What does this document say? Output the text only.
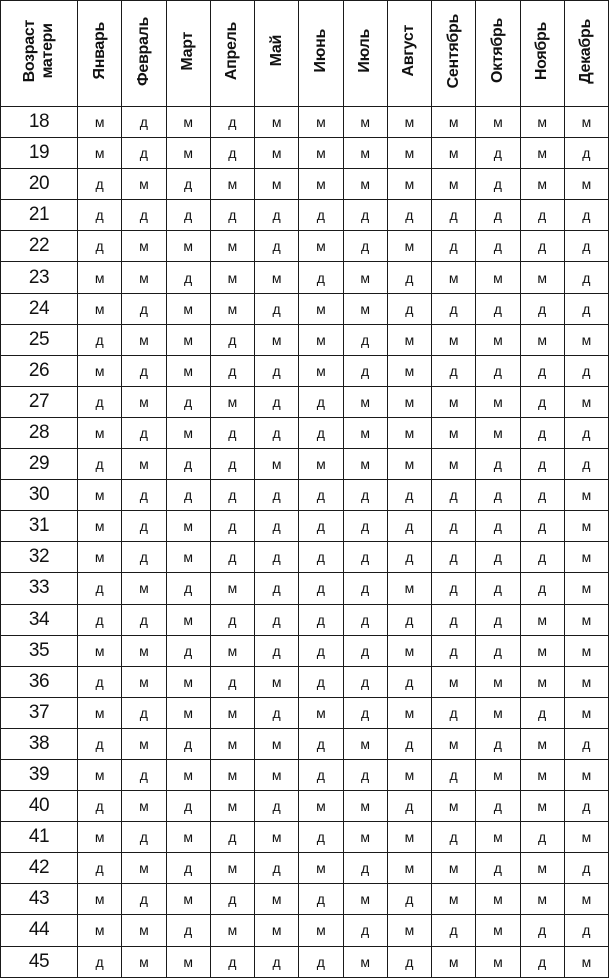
Возраст
матери	Январь	Февраль	Март	Апрель	Май	Июнь	Июль	Август	Сентябрь	Октябрь	Ноябрь	Декабрь
18	м	д	м	д	м	м	м	м	м	м	м	м
19	м	д	м	д	м	м	м	м	м	д	м	д
20	д	м	д	м	м	м	м	м	м	д	м	м
21	д	д	д	д	д	д	д	д	д	д	д	д
22	д	м	м	м	д	м	д	м	д	д	д	д
23	м	м	д	м	м	д	м	д	м	м	м	д
24	м	д	м	м	д	м	м	д	д	д	д	д
25	д	м	м	д	м	м	д	м	м	м	м	м
26	м	д	м	д	д	м	д	м	д	д	д	д
27	д	м	д	м	д	д	м	м	м	м	д	м
28	м	д	м	д	д	д	м	м	м	м	д	д
29	д	м	д	д	м	м	м	м	м	д	д	д
30	м	д	д	д	д	д	д	д	д	д	д	м
31	м	д	м	д	д	д	д	д	д	д	д	м
32	м	д	м	д	д	д	д	д	д	д	д	м
33	д	м	д	м	д	д	д	м	д	д	д	м
34	д	д	м	д	д	д	д	д	д	д	м	м
35	м	м	д	м	д	д	д	м	д	д	м	м
36	д	м	м	д	м	д	д	д	м	м	м	м
37	м	д	м	м	д	м	д	м	д	м	д	м
38	д	м	д	м	м	д	м	д	м	д	м	д
39	м	д	м	м	м	д	д	м	д	м	м	м
40	д	м	д	м	д	м	м	д	м	д	м	д
41	м	д	м	д	м	д	м	м	д	м	д	м
42	д	м	д	м	д	м	д	м	м	д	м	д
43	м	д	м	д	м	д	м	д	м	м	м	м
44	м	м	д	м	м	м	д	м	д	м	д	д
45	д	м	м	д	д	д	м	д	м	м	д	м
